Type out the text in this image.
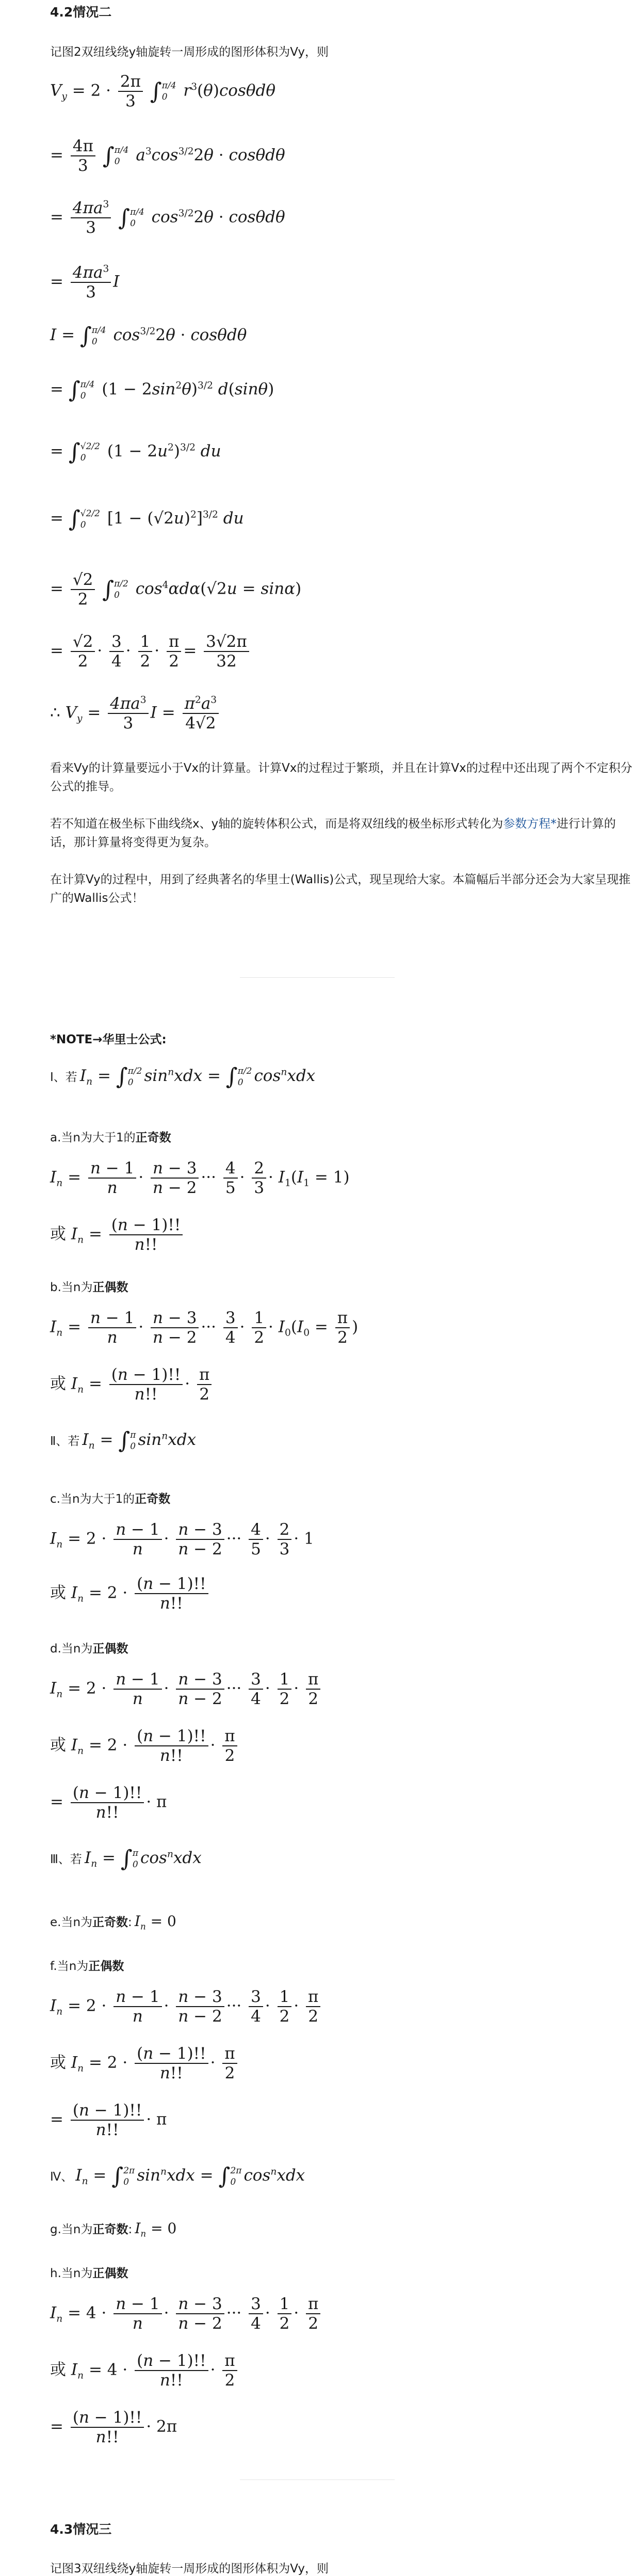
4.2情况二
记图2双纽线绕y轴旋转一周形成的图形体积为Vy，则
$V_y = 2 \cdot \frac{2\pi}{3}$ ∫ π/4
0 $r^3(\theta)\cos\theta d\theta$
= $\frac{4\pi}{3}$ ∫ π/4
0 $a^3\cos^{3/2}2\theta \cdot \cos\theta d\theta$
= $\frac{4\pi a^3}{3}$ ∫ π/4
0 $\cos^{3/2}2\theta \cdot \cos\theta d\theta$
= $\frac{4\pi a^3}{3}$ I
I = ∫ π/4
0 $\cos^{3/2}2\theta \cdot \cos\theta d\theta$
= ∫ π/4
0 $(1 - 2\sin^2\theta)^{3/2}$ d(sinθ)
= ∫ √2/2
0	$(1 - 2u^2)^{3/2}$ du
= ∫ √2/2
0	$[1 - (√2u)^2]^{3/2}$ du
= $\frac{√2}{2}$ ∫ π/2
0 $\cos^4\alpha d\alpha(√2u = \sin\alpha)$
= $\frac{√2}{2} \cdot \frac{3}{4} \cdot \frac{1}{2} \cdot \frac{\pi}{2} = \frac{3√2\pi}{32}$
∴ $V_y = \frac{4\pi a^3}{3}$ $I = \frac{\pi^2a^3}{4√2}$
看来Vy的计算量要远小于Vx的计算量。计算Vx的过程过于繁琐，并且在计算Vx的过程中还出现了两个不定积分公式的推导。
若不知道在极坐标下曲线绕x、y轴的旋转体积公式，而是将双纽线的极坐标形式转化为参数方程*进行计算的话，那计算量将变得更为复杂。
在计算Vy的过程中，用到了经典著名的华里士(Wallis)公式，现呈现给大家。本篇幅后半部分还会为大家呈现推广的Wallis公式！
*NOTE→华里士公式:
Ⅰ、若 $I_n$ = ∫ π/2
0 $\sin^nxdx$ = ∫ π/2
0 $\cos^nxdx$
a.当n为大于1的正奇数
$I_n = \frac{n - 1}{n} \cdot \frac{n - 3}{n - 2}$ ··· $\frac{4}{5} \cdot \frac{2}{3} \cdot I_1(I_1 = 1)$
或 $I_n = \frac{(n - 1)!!}{n!!}$
b.当n为正偶数
$I_n = \frac{n - 1}{n} \cdot \frac{n - 3}{n - 2}$ ··· $\frac{3}{4} \cdot \frac{1}{2} \cdot I_0(I_0 = \frac{\pi}{2}$ )
或 $I_n = \frac{(n - 1)!!}{n!!} \cdot \frac{\pi}{2}$
Ⅱ、若 $I_n$ = ∫ π
0 $\sin^nxdx$
c.当n为大于1的正奇数
$I_n = 2 \cdot \frac{n - 1}{n} \cdot \frac{n - 3}{n - 2}$ ··· $\frac{4}{5} \cdot \frac{2}{3} \cdot 1$
或 $I_n = 2 \cdot \frac{(n - 1)!!}{n!!}$
d.当n为正偶数
$I_n = 2 \cdot \frac{n - 1}{n} \cdot \frac{n - 3}{n - 2}$ ··· $\frac{3}{4} \cdot \frac{1}{2} \cdot \frac{\pi}{2}$
或 $I_n = 2 \cdot \frac{(n - 1)!!}{n!!} \cdot \frac{\pi}{2}$
= $\frac{(n - 1)!!}{n!!} \cdot \pi$
Ⅲ、若 $I_n$ = ∫ π
0 $\cos^nxdx$
e.当n为正奇数: $I_n = 0$
f.当n为正偶数
$I_n = 2 \cdot \frac{n - 1}{n} \cdot \frac{n - 3}{n - 2}$ ··· $\frac{3}{4} \cdot \frac{1}{2} \cdot \frac{\pi}{2}$
或 $I_n = 2 \cdot \frac{(n - 1)!!}{n!!} \cdot \frac{\pi}{2}$
= $\frac{(n - 1)!!}{n!!} \cdot \pi$
Ⅳ、 $I_n$ = ∫ 2π
0 $\sin^nxdx$ = ∫ 2π
0 $\cos^nxdx$
g.当n为正奇数: $I_n = 0$
h.当n为正偶数
$I_n = 4 \cdot \frac{n - 1}{n} \cdot \frac{n - 3}{n - 2}$ ··· $\frac{3}{4} \cdot \frac{1}{2} \cdot \frac{\pi}{2}$
或 $I_n = 4 \cdot \frac{(n - 1)!!}{n!!} \cdot \frac{\pi}{2}$
= $\frac{(n - 1)!!}{n!!} \cdot 2\pi$
4.3情况三
记图3双纽线绕y轴旋转一周形成的图形体积为Vy，则
